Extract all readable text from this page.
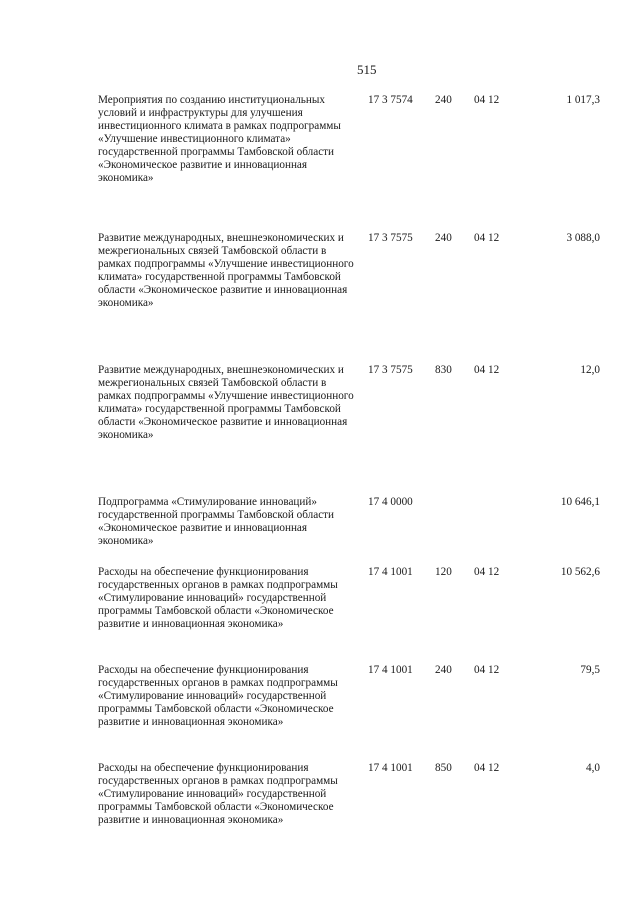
515
Мероприятия по созданию институциональных условий и инфраструктуры для улучшения инвестиционного климата в рамках подпрограммы «Улучшение инвестиционного климата» государственной программы Тамбовской области «Экономическое развитие и инновационная экономика»
17 3 7574 240 04 12	1 017,3
Развитие международных, внешнеэкономических и межрегиональных связей Тамбовской области в рамках подпрограммы «Улучшение инвестиционного климата» государственной программы Тамбовской области «Экономическое развитие и инновационная экономика»
17 3 7575 240 04 12	3 088,0
Развитие международных, внешнеэкономических и межрегиональных связей Тамбовской области в рамках подпрограммы «Улучшение инвестиционного климата» государственной программы Тамбовской области «Экономическое развитие и инновационная экономика»
17 3 7575 830 04 12	12,0
Подпрограмма «Стимулирование инноваций» государственной программы Тамбовской области «Экономическое развитие и инновационная экономика»
17 4 0000	10 646,1
Расходы на обеспечение функционирования государственных органов в рамках подпрограммы «Стимулирование инноваций» государственной программы Тамбовской области «Экономическое развитие и инновационная экономика»
17 4 1001 120 04 12	10 562,6
Расходы на обеспечение функционирования государственных органов в рамках подпрограммы «Стимулирование инноваций» государственной программы Тамбовской области «Экономическое развитие и инновационная экономика»
17 4 1001 240 04 12	79,5
Расходы на обеспечение функционирования государственных органов в рамках подпрограммы «Стимулирование инноваций» государственной программы Тамбовской области «Экономическое развитие и инновационная экономика»
17 4 1001 850 04 12	4,0
